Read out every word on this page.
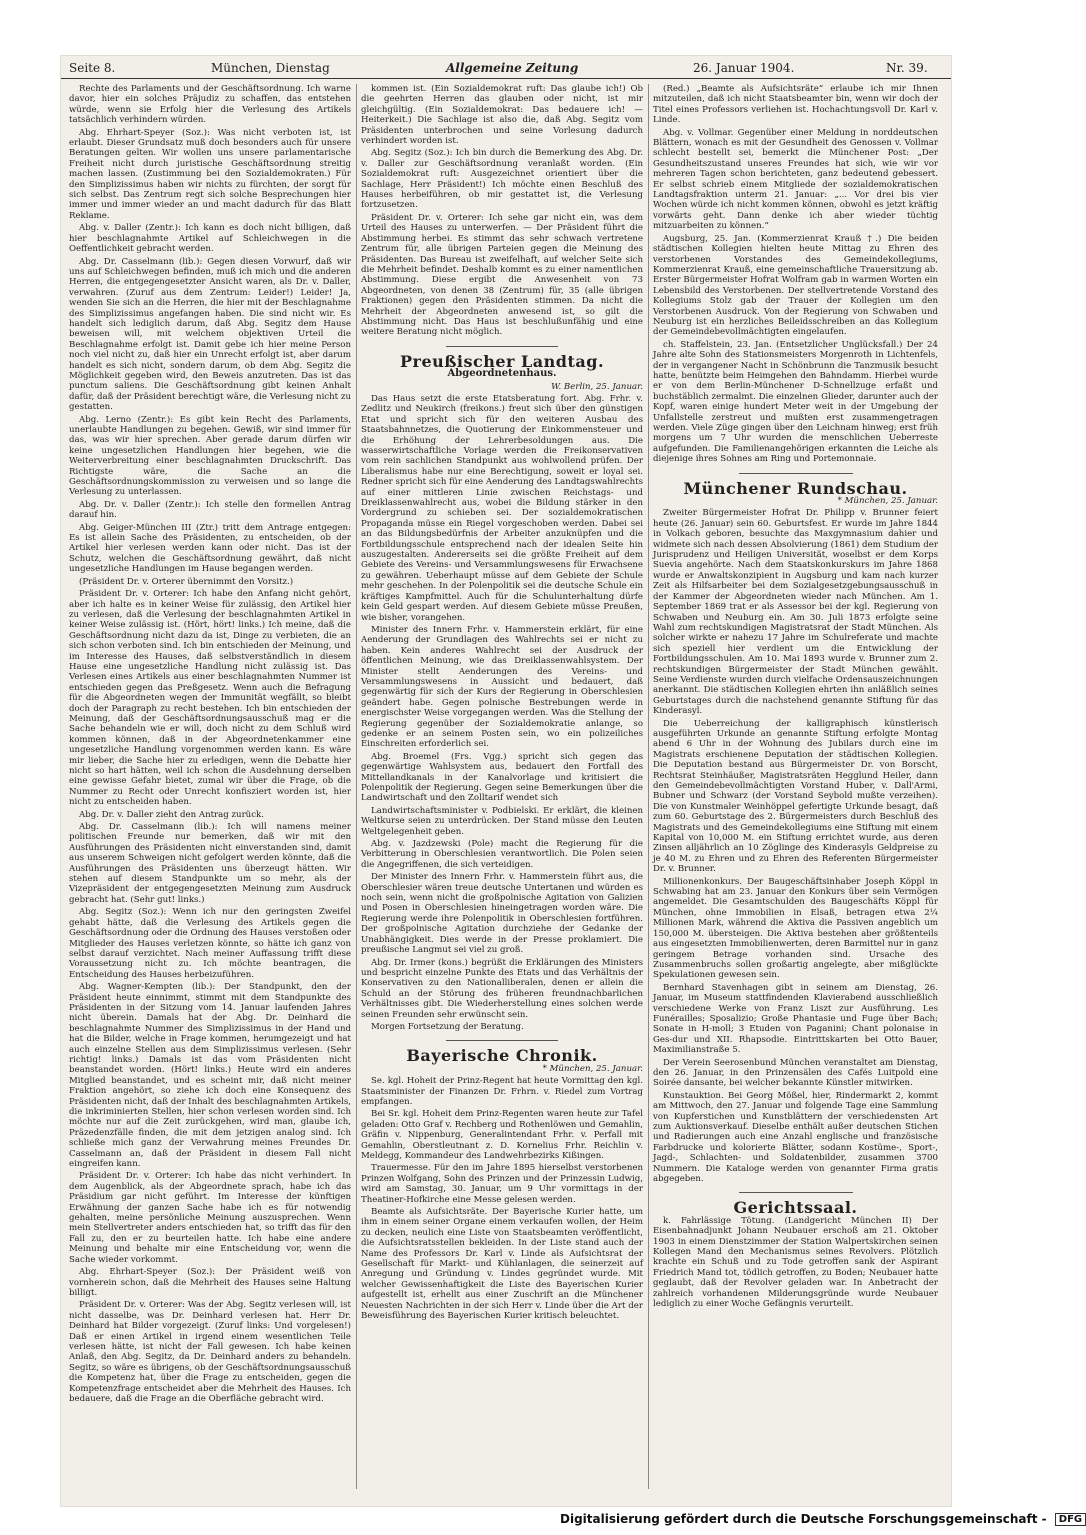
Seite 8.	München, Dienstag	Allgemeine Zeitung	26. Januar 1904.	Nr. 39.

Rechte des Parlaments und der Geschäftsordnung. Ich warne davor, hier ein solches Präjudiz zu schaffen, das entstehen würde, wenn sie Erfolg hier die Verlesung des Artikels tatsächlich verhindern würden.

Abg. Ehrhart-Speyer (Soz.): Was nicht verboten ist, ist erlaubt. Dieser Grundsatz muß doch besonders auch für unsere Beratungen gelten. Wir wollen uns unsere parlamentarische Freiheit nicht durch juristische Geschäftsordnung streitig machen lassen. (Zustimmung bei den Sozialdemokraten.) Für den Simplizissimus haben wir nichts zu fürchten, der sorgt für sich selbst. Das Zentrum regt sich solche Besprechungen hier immer und immer wieder an und macht dadurch für das Blatt Reklame.

Abg. v. Daller (Zentr.): Ich kann es doch nicht billigen, daß hier beschlagnahmte Artikel auf Schleichwegen in die Oeffentlichkeit gebracht werden.

Abg. Dr. Casselmann (lib.): Gegen diesen Vorwurf, daß wir uns auf Schleichwegen befinden, muß ich mich und die anderen Herren, die entgegengesetzter Ansicht waren, als Dr. v. Daller, verwahren. (Zuruf aus dem Zentrum: Leider!) Leider! Ja, wenden Sie sich an die Herren, die hier mit der Beschlagnahme des Simplizissimus angefangen haben. Die sind nicht wir. Es handelt sich lediglich darum, daß Abg. Segitz dem Hause beweisen will, mit welchem objektiven Urteil die Beschlagnahme erfolgt ist. Damit gebe ich hier meine Person noch viel nicht zu, daß hier ein Unrecht erfolgt ist, aber darum handelt es sich nicht, sondern darum, ob dem Abg. Segitz die Möglichkeit gegeben wird, den Beweis anzutreten. Das ist das punctum saliens. Die Geschäftsordnung gibt keinen Anhalt dafür, daß der Präsident berechtigt wäre, die Verlesung nicht zu gestatten.

Abg. Lerno (Zentr.): Es gibt kein Recht des Parlaments, unerlaubte Handlungen zu begehen. Gewiß, wir sind immer für das, was wir hier sprechen. Aber gerade darum dürfen wir keine ungesetzlichen Handlungen hier begehen, wie die Weiterverbreitung einer beschlagnahmten Druckschrift. Das Richtigste wäre, die Sache an die Geschäftsordnungskommission zu verweisen und so lange die Verlesung zu unterlassen.

Abg. Dr. v. Daller (Zentr.): Ich stelle den formellen Antrag darauf hin.

Abg. Geiger-München III (Ztr.) tritt dem Antrage entgegen: Es ist allein Sache des Präsidenten, zu entscheiden, ob der Artikel hier verlesen werden kann oder nicht. Das ist der Schutz, welchen die Geschäftsordnung gewährt, daß nicht ungesetzliche Handlungen im Hause begangen werden.

(Präsident Dr. v. Orterer übernimmt den Vorsitz.)

Präsident Dr. v. Orterer: Ich habe den Anfang nicht gehört, aber ich halte es in keiner Weise für zulässig, den Artikel hier zu verlesen, daß die Verlesung der beschlagnahmten Artikel in keiner Weise zulässig ist. (Hört, hört! links.) Ich meine, daß die Geschäftsordnung nicht dazu da ist, Dinge zu verbieten, die an sich schon verboten sind. Ich bin entschieden der Meinung, und im Interesse des Hauses, daß selbstverständlich in diesem Hause eine ungesetzliche Handlung nicht zulässig ist. Das Verlesen eines Artikels aus einer beschlagnahmten Nummer ist entschieden gegen das Preßgesetz. Wenn auch die Befragung für die Abgeordneten wegen der Immunität wegfällt, so bleibt doch der Paragraph zu recht bestehen. Ich bin entschieden der Meinung, daß der Geschäftsordnungsausschuß mag er die Sache behandeln wie er will, doch nicht zu dem Schluß wird kommen können, daß in der Abgeordnetenkammer eine ungesetzliche Handlung vorgenommen werden kann. Es wäre mir lieber, die Sache hier zu erledigen, wenn die Debatte hier nicht so hart hätten, weil ich schon die Ausdehnung derselben eine gewisse Gefahr bietet, zumal wir über die Frage, ob die Nummer zu Recht oder Unrecht konfisziert worden ist, hier nicht zu entscheiden haben.

Abg. Dr. v. Daller zieht den Antrag zurück.

Abg. Dr. Casselmann (lib.): Ich will namens meiner politischen Freunde nur bemerken, daß wir mit den Ausführungen des Präsidenten nicht einverstanden sind, damit aus unserem Schweigen nicht gefolgert werden könnte, daß die Ausführungen des Präsidenten uns überzeugt hätten. Wir stehen auf diesem Standpunkte um so mehr, als der Vizepräsident der entgegengesetzten Meinung zum Ausdruck gebracht hat. (Sehr gut! links.)

Abg. Segitz (Soz.): Wenn ich nur den geringsten Zweifel gehabt hätte, daß die Verlesung des Artikels gegen die Geschäftsordnung oder die Ordnung des Hauses verstoßen oder Mitglieder des Hauses verletzen könnte, so hätte ich ganz von selbst darauf verzichtet. Nach meiner Auffassung trifft diese Voraussetzung nicht zu. Ich möchte beantragen, die Entscheidung des Hauses herbeizuführen.

Abg. Wagner-Kempten (lib.): Der Standpunkt, den der Präsident heute einnimmt, stimmt mit dem Standpunkte des Präsidenten in der Sitzung vom 14. Januar laufenden Jahres nicht überein. Damals hat der Abg. Dr. Deinhard die beschlagnahmte Nummer des Simplizissimus in der Hand und hat die Bilder, welche in Frage kommen, herumgezeigt und hat auch einzelne Stellen aus dem Simplizissimus verlesen. (Sehr richtig! links.) Damals ist das vom Präsidenten nicht beanstandet worden. (Hört! links.) Heute wird ein anderes Mitglied beanstandet, und es scheint mir, daß nicht meiner Fraktion angehört, so ziehe ich doch eine Konsequenz des Präsidenten nicht, daß der Inhalt des beschlagnahmten Artikels, die inkriminierten Stellen, hier schon verlesen worden sind. Ich möchte nur auf die Zeit zurückgehen, wird man, glaube ich, Präzedenzfälle finden, die mit dem jetzigen analog sind. Ich schließe mich ganz der Verwahrung meines Freundes Dr. Casselmann an, daß der Präsident in diesem Fall nicht eingreifen kann.

Präsident Dr. v. Orterer: Ich habe das nicht verhindert. In dem Augenblick, als der Abgeordnete sprach, habe ich das Präsidium gar nicht geführt. Im Interesse der künftigen Erwähnung der ganzen Sache habe ich es für notwendig gehalten, meine persönliche Meinung auszusprechen. Wenn mein Stellvertreter anders entschieden hat, so trifft das für den Fall zu, den er zu beurteilen hatte. Ich habe eine andere Meinung und behalte mir eine Entscheidung vor, wenn die Sache wieder vorkommt.

Abg. Ehrhart-Speyer (Soz.): Der Präsident weiß von vornherein schon, daß die Mehrheit des Hauses seine Haltung billigt.

Präsident Dr. v. Orterer: Was der Abg. Segitz verlesen will, ist nicht dasselbe, was Dr. Deinhard verlesen hat. Herr Dr. Deinhard hat Bilder vorgezeigt. (Zuruf links: Und vorgelesen!) Daß er einen Artikel in irgend einem wesentlichen Teile verlesen hätte, ist nicht der Fall gewesen. Ich habe keinen Anlaß, den Abg. Segitz, da Dr. Deinhard anders zu behandeln. Segitz, so wäre es übrigens, ob der Geschäftsordnungsausschuß die Kompetenz hat, über die Frage zu entscheiden, gegen die Kompetenzfrage entscheidet aber die Mehrheit des Hauses. Ich bedauere, daß die Frage an die Oberfläche gebracht wird.

kommen ist. (Ein Sozialdemokrat ruft: Das glaube ich!) Ob die geehrten Herren das glauben oder nicht, ist mir gleichgültig. (Ein Sozialdemokrat: Das bedauere ich! — Heiterkeit.) Die Sachlage ist also die, daß Abg. Segitz vom Präsidenten unterbrochen und seine Vorlesung dadurch verhindert worden ist.

Abg. Segitz (Soz.): Ich bin durch die Bemerkung des Abg. Dr. v. Daller zur Geschäftsordnung veranlaßt worden. (Ein Sozialdemokrat ruft: Ausgezeichnet orientiert über die Sachlage, Herr Präsident!) Ich möchte einen Beschluß des Hauses herbeiführen, ob mir gestattet ist, die Verlesung fortzusetzen.

Präsident Dr. v. Orterer: Ich sehe gar nicht ein, was dem Urteil des Hauses zu unterwerfen. — Der Präsident führt die Abstimmung herbei. Es stimmt das sehr schwach vertretene Zentrum für, alle übrigen Parteien gegen die Meinung des Präsidenten. Das Bureau ist zweifelhaft, auf welcher Seite sich die Mehrheit befindet. Deshalb kommt es zu einer namentlichen Abstimmung. Diese ergibt die Anwesenheit von 73 Abgeordneten, von denen 38 (Zentrum) für, 35 (alle übrigen Fraktionen) gegen den Präsidenten stimmen. Da nicht die Mehrheit der Abgeordneten anwesend ist, so gilt die Abstimmung nicht. Das Haus ist beschlußunfähig und eine weitere Beratung nicht möglich.

Preußischer Landtag.
Abgeordnetenhaus.
W. Berlin, 25. Januar.

Das Haus setzt die erste Etatsberatung fort. Abg. Frhr. v. Zedlitz und Neukirch (freikons.) freut sich über den günstigen Etat und spricht sich für den weiteren Ausbau des Staatsbahnnetzes, die Quotierung der Einkommensteuer und die Erhöhung der Lehrerbesoldungen aus. Die wasserwirtschaftliche Vorlage werden die Freikonservativen vom rein sachlichen Standpunkt aus wohlwollend prüfen. Der Liberalismus habe nur eine Berechtigung, soweit er loyal sei. Redner spricht sich für eine Aenderung des Landtagswahlrechts auf einer mittleren Linie zwischen Reichstags- und Dreiklassenwahlrecht aus, wobei die Bildung stärker in den Vordergrund zu schieben sei. Der sozialdemokratischen Propaganda müsse ein Riegel vorgeschoben werden. Dabei sei an das Bildungsbedürfnis der Arbeiter anzuknüpfen und die Fortbildungsschule entsprechend nach der idealen Seite hin auszugestalten. Andererseits sei die größte Freiheit auf dem Gebiete des Vereins- und Versammlungswesens für Erwachsene zu gewähren. Ueberhaupt müsse auf dem Gebiete der Schule mehr geschehen. In der Polenpolitik sei die deutsche Schule ein kräftiges Kampfmittel. Auch für die Schulunterhaltung dürfe kein Geld gespart werden. Auf diesem Gebiete müsse Preußen, wie bisher, vorangehen.

Minister des Innern Frhr. v. Hammerstein erklärt, für eine Aenderung der Grundlagen des Wahlrechts sei er nicht zu haben. Kein anderes Wahlrecht sei der Ausdruck der öffentlichen Meinung, wie das Dreiklassenwahlsystem. Der Minister stellt Aenderungen des Vereins- und Versammlungswesens in Aussicht und bedauert, daß gegenwärtig für sich der Kurs der Regierung in Oberschlesien geändert habe. Gegen polnische Bestrebungen werde in energischster Weise vorgegangen werden. Was die Stellung der Regierung gegenüber der Sozialdemokratie anlange, so gedenke er an seinem Posten sein, wo ein polizeiliches Einschreiten erforderlich sei.

Abg. Broemel (Frs. Vgg.) spricht sich gegen das gegenwärtige Wahlsystem aus, bedauert den Fortfall des Mittellandkanals in der Kanalvorlage und kritisiert die Polenpolitik der Regierung. Gegen seine Bemerkungen über die Landwirtschaft und den Zolltarif wendet sich

Landwirtschaftsminister v. Podbielski. Er erklärt, die kleinen Weltkurse seien zu unterdrücken. Der Stand müsse den Leuten Weltgelegenheit geben.

Abg. v. Jazdzewski (Pole) macht die Regierung für die Verbitterung in Oberschlesien verantwortlich. Die Polen seien die Angegriffenen, die sich verteidigen.

Der Minister des Innern Frhr. v. Hammerstein führt aus, die Oberschlesier wären treue deutsche Untertanen und würden es noch sein, wenn nicht die großpolnische Agitation von Galizien und Posen in Oberschlesien hineingetragen worden wäre. Die Regierung werde ihre Polenpolitik in Oberschlesien fortführen. Der großpolnische Agitation durchziehe der Gedanke der Unabhängigkeit. Dies werde in der Presse proklamiert. Die preußische Langmut sei viel zu groß.

Abg. Dr. Irmer (kons.) begrüßt die Erklärungen des Ministers und bespricht einzelne Punkte des Etats und das Verhältnis der Konservativen zu den Nationalliberalen, denen er allein die Schuld an der Störung des früheren freundnachbarlichen Verhältnisses gibt. Die Wiederherstellung eines solchen werde seinen Freunden sehr erwünscht sein.

Morgen Fortsetzung der Beratung.

Bayerische Chronik.
* München, 25. Januar.

Se. kgl. Hoheit der Prinz-Regent hat heute Vormittag den kgl. Staatsminister der Finanzen Dr. Frhrn. v. Riedel zum Vortrag empfangen.

Bei Sr. kgl. Hoheit dem Prinz-Regenten waren heute zur Tafel geladen: Otto Graf v. Rechberg und Rothenlöwen und Gemahlin, Gräfin v. Nippenburg, Generalintendant Frhr. v. Perfall mit Gemahlin, Oberstleutnant z. D. Kornelius Frhr. Reichlin v. Meldegg, Kommandeur des Landwehrbezirks Kißingen.

Trauermesse. Für den im Jahre 1895 hierselbst verstorbenen Prinzen Wolfgang, Sohn des Prinzen und der Prinzessin Ludwig, wird am Samstag, 30. Januar, um 9 Uhr vormittags in der Theatiner-Hofkirche eine Messe gelesen werden.

Beamte als Aufsichtsräte. Der Bayerische Kurier hatte, um ihm in einem seiner Organe einem verkaufen wollen, der Heim zu decken, neulich eine Liste von Staatsbeamten veröffentlicht, die Aufsichtsratsstellen bekleiden. In der Liste stand auch der Name des Professors Dr. Karl v. Linde als Aufsichtsrat der Gesellschaft für Markt- und Kühlanlagen, die seinerzeit auf Anregung und Gründung v. Lindes gegründet wurde. Mit welcher Gewissenhaftigkeit die Liste des Bayerischen Kurier aufgestellt ist, erhellt aus einer Zuschrift an die Münchener Neuesten Nachrichten in der sich Herr v. Linde über die Art der Beweisführung des Bayerischen Kurier kritisch beleuchtet.

(Red.) „Beamte als Aufsichtsräte“ erlaube ich mir Ihnen mitzuteilen, daß ich nicht Staatsbeamter bin, wenn wir doch der Titel eines Professors verliehen ist. Hochachtungsvoll Dr. Karl v. Linde.

Abg. v. Vollmar. Gegenüber einer Meldung in norddeutschen Blättern, wonach es mit der Gesundheit des Genossen v. Vollmar schlecht bestellt sei, bemerkt die Münchener Post: „Der Gesundheitszustand unseres Freundes hat sich, wie wir vor mehreren Tagen schon berichteten, ganz bedeutend gebessert. Er selbst schrieb einem Mitgliede der sozialdemokratischen Landtagsfraktion unterm 21. Januar: „... Vor drei bis vier Wochen würde ich nicht kommen können, obwohl es jetzt kräftig vorwärts geht. Dann denke ich aber wieder tüchtig mitzuarbeiten zu können.“

Augsburg, 25. Jan. (Kommerzienrat Krauß †.) Die beiden städtischen Kollegien hielten heute Mittag zu Ehren des verstorbenen Vorstandes des Gemeindekollegiums, Kommerzienrat Krauß, eine gemeinschaftliche Trauersitzung ab. Erster Bürgermeister Hofrat Wolfram gab in warmen Worten ein Lebensbild des Verstorbenen. Der stellvertretende Vorstand des Kollegiums Stolz gab der Trauer der Kollegien um den Verstorbenen Ausdruck. Von der Regierung von Schwaben und Neuburg ist ein herzliches Beileidsschreiben an das Kollegium der Gemeindebevollmächtigten eingelaufen.

ch. Staffelstein, 23. Jan. (Entsetzlicher Unglücksfall.) Der 24 Jahre alte Sohn des Stationsmeisters Morgenroth in Lichtenfels, der in vergangener Nacht in Schönbrunn die Tanzmusik besucht hatte, benützte beim Heimgehen den Bahndamm. Hierbei wurde er von dem Berlin-Münchener D-Schnellzuge erfaßt und buchstäblich zermalmt. Die einzelnen Glieder, darunter auch der Kopf, waren einige hundert Meter weit in der Umgebung der Unfallstelle zerstreut und mußten erst zusammengetragen werden. Viele Züge gingen über den Leichnam hinweg; erst früh morgens um 7 Uhr wurden die menschlichen Ueberreste aufgefunden. Die Familienangehörigen erkannten die Leiche als diejenige ihres Sohnes am Ring und Portemonnaie.

Münchener Rundschau.
* München, 25. Januar.

Zweiter Bürgermeister Hofrat Dr. Philipp v. Brunner feiert heute (26. Januar) sein 60. Geburtsfest. Er wurde im Jahre 1844 in Volkach geboren, besuchte das Maxgymnasium dahier und widmete sich nach dessen Absolvierung (1861) dem Studium der Jurisprudenz und Heiligen Universität, woselbst er dem Korps Suevia angehörte. Nach dem Staatskonkurskurs im Jahre 1868 wurde er Anwaltskonzipient in Augsburg und kam nach kurzer Zeit als Hilfsarbeiter bei dem Sozialgesetzgebungsausschuß in der Kammer der Abgeordneten wieder nach München. Am 1. September 1869 trat er als Assessor bei der kgl. Regierung von Schwaben und Neuburg ein. Am 30. Juli 1873 erfolgte seine Wahl zum rechtskundigen Magistratsrat der Stadt München. Als solcher wirkte er nahezu 17 Jahre im Schulreferate und machte sich speziell hier verdient um die Entwicklung der Fortbildungsschulen. Am 10. Mai 1893 wurde v. Brunner zum 2. rechtskundigen Bürgermeister der Stadt München gewählt. Seine Verdienste wurden durch vielfache Ordensauszeichnungen anerkannt. Die städtischen Kollegien ehrten ihn anläßlich seines Geburtstages durch die nachstehend genannte Stiftung für das Kinderasyl.

Die Ueberreichung der kalligraphisch künstlerisch ausgeführten Urkunde an genannte Stiftung erfolgte Montag abend 6 Uhr in der Wohnung des Jubilars durch eine im Magistrats erschienene Deputation der städtischen Kollegien. Die Deputation bestand aus Bürgermeister Dr. von Borscht, Rechtsrat Steinhäußer, Magistratsräten Hegglund Heiler, dann den Gemeindebevollmächtigten Vorstand Huber, v. Dall'Armi, Bubner und Schwarz (der Vorstand Seybold mußte verzeihen). Die von Kunstmaler Weinhöppel gefertigte Urkunde besagt, daß zum 60. Geburtstage des 2. Bürgermeisters durch Beschluß des Magistrats und des Gemeindekollegiums eine Stiftung mit einem Kapital von 10,000 M. ein Stiftung errichtet wurde, aus deren Zinsen alljährlich an 10 Zöglinge des Kinderasyls Geldpreise zu je 40 M. zu Ehren und zu Ehren des Referenten Bürgermeister Dr. v. Brunner.

Millionenkonkurs. Der Baugeschäftsinhaber Joseph Köppl in Schwabing hat am 23. Januar den Konkurs über sein Vermögen angemeldet. Die Gesamtschulden des Baugeschäfts Köppl für München, ohne Immobilien in Elsaß, betragen etwa 2¼ Millionen Mark, während die Aktiva die Passiven angeblich um 150,000 M. übersteigen. Die Aktiva bestehen aber größtenteils aus eingesetzten Immobilienwerten, deren Barmittel nur in ganz geringem Betrage vorhanden sind. Ursache des Zusammenbruchs sollen großartig angelegte, aber mißglückte Spekulationen gewesen sein.

Bernhard Stavenhagen gibt in seinem am Dienstag, 26. Januar, im Museum stattfindenden Klavierabend ausschließlich verschiedene Werke von Franz Liszt zur Ausführung. Les Funérailles; Sposalizio; Große Phantasie und Fuge über Bach; Sonate in H-moll; 3 Etuden von Paganini; Chant polonaise in Ges-dur und XII. Rhapsodie. Eintrittskarten bei Otto Bauer, Maximilianstraße 5.

Der Verein Seerosenbund München veranstaltet am Dienstag, den 26. Januar, in den Prinzensälen des Cafés Luitpold eine Soirée dansante, bei welcher bekannte Künstler mitwirken.

Kunstauktion. Bei Georg Mößel, hier, Rindermarkt 2, kommt am Mittwoch, den 27. Januar und folgende Tage eine Sammlung von Kupferstichen und Kunstblättern der verschiedensten Art zum Auktionsverkauf. Dieselbe enthält außer deutschen Stichen und Radierungen auch eine Anzahl englische und französische Farbdrucke und kolorierte Blätter, sodann Kostüme-, Sport-, Jagd-, Schlachten- und Soldatenbilder, zusammen 3700 Nummern. Die Kataloge werden von genannter Firma gratis abgegeben.

Gerichtssaal.

k. Fahrlässige Tötung. (Landgericht München II) Der Eisenbahnadjunkt Johann Neubauer erschoß am 21. Oktober 1903 in einem Dienstzimmer der Station Walpertskirchen seinen Kollegen Mand den Mechanismus seines Revolvers. Plötzlich krachte ein Schuß und zu Tode getroffen sank der Aspirant Friedrich Mand tot, tödlich getroffen, zu Boden; Neubauer hatte geglaubt, daß der Revolver geladen war. In Anbetracht der zahlreich vorhandenen Milderungsgründe wurde Neubauer lediglich zu einer Woche Gefängnis verurteilt.

Digitalisierung gefördert durch die Deutsche Forschungsgemeinschaft - DFG
